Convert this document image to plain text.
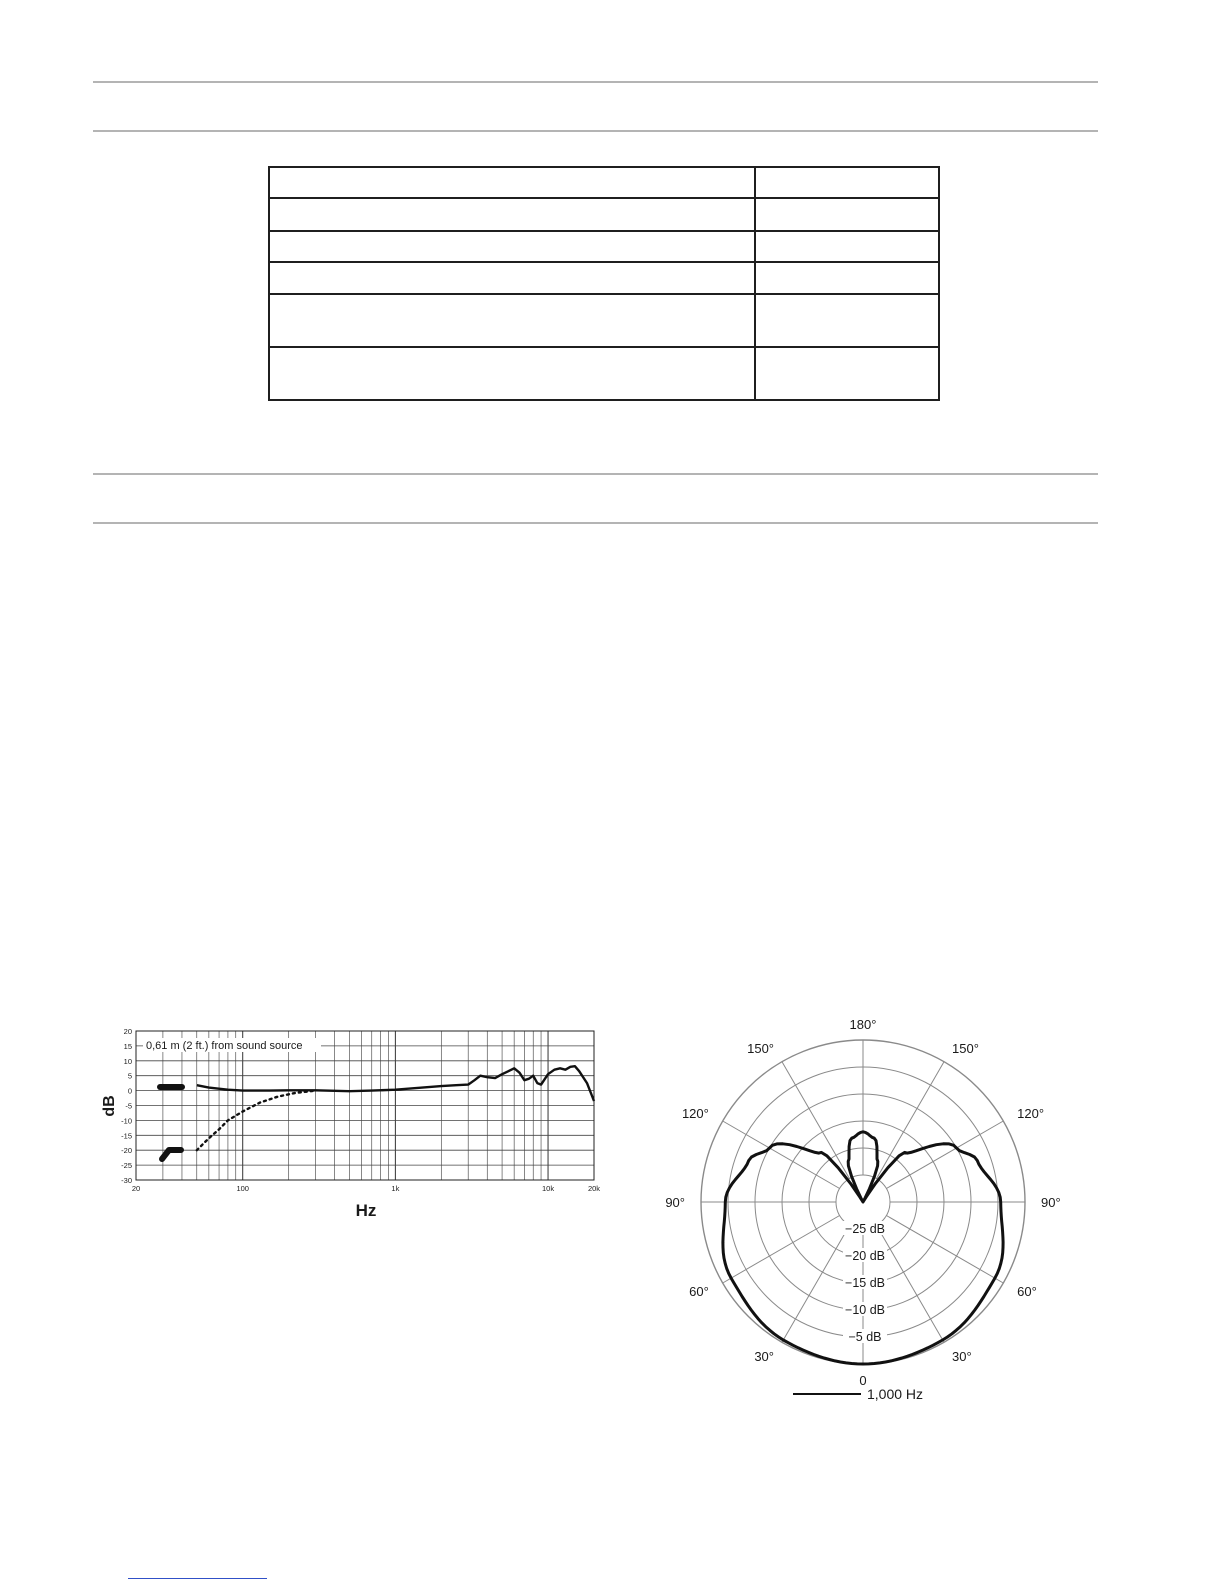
20
15
10
5
0
-5
-10
-15
-20
-25
-30
20	100	1k	10k	20k
0,61 m (2 ft.) from sound source
dB
Hz
180°
150°
150°
120°
120°
90°
90°
60°
60°
30°
30°
0
−25 dB
−20 dB
−15 dB
−10 dB
−5 dB
1,000 Hz
